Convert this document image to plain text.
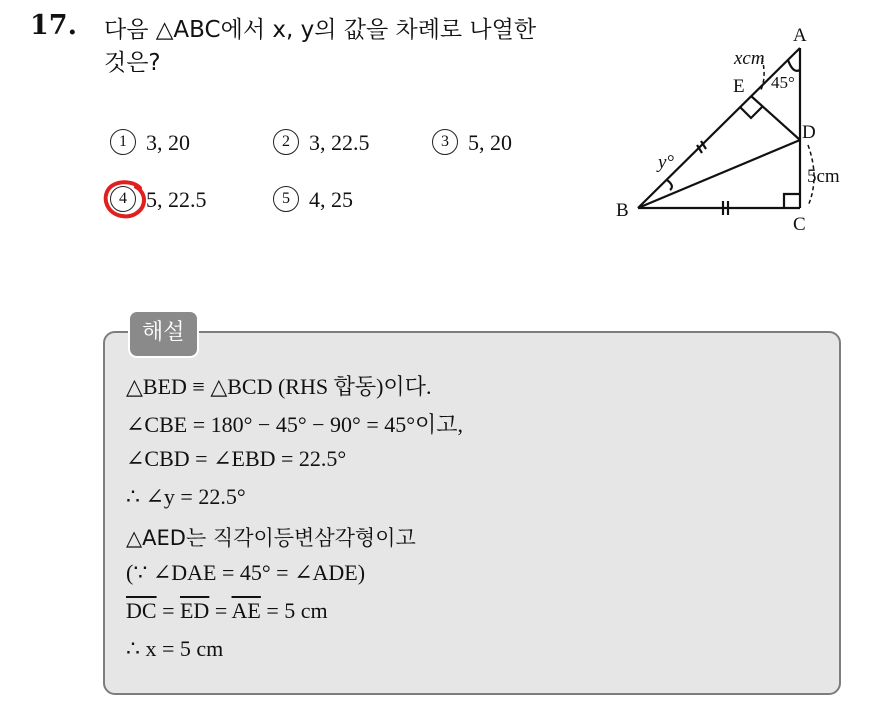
17. 다음 △ABC에서 x, y의 값을 차례로 나열한
것은?
1 3, 20	2 3, 22.5	3 5, 20
4 5, 22.5	5 4, 25
A
B
C
D
E
xcm
45°
y°
5cm
해설
△BED ≡ △BCD (RHS 합동)이다.
∠CBE = 180° − 45° − 90° = 45°이고,
∠CBD = ∠EBD = 22.5°
∴ ∠y = 22.5°
△AED는 직각이등변삼각형이고
(∵ ∠DAE = 45° = ∠ADE)
$\overline{DC} = \overline{ED} = \overline{AE} = 5$ cm
∴ x = 5 cm
